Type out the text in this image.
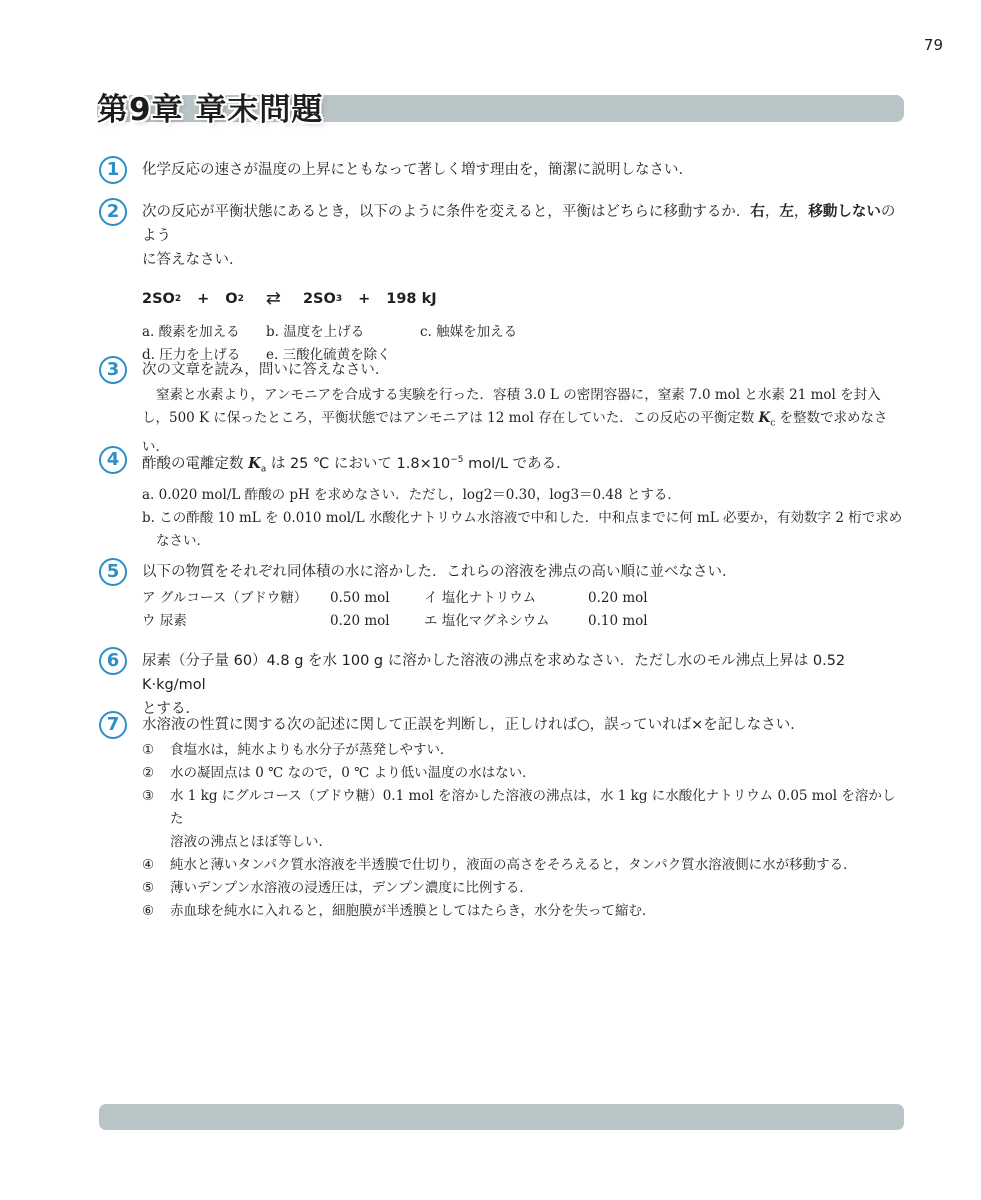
79
第9章 章末問題
1	化学反応の速さが温度の上昇にともなって著しく増す理由を，簡潔に説明しなさい．
2	次の反応が平衡状態にあるとき，以下のように条件を変えると，平衡はどちらに移動するか．右，左，移動しないのよう
に答えなさい．
2SO 2 + O 2 ⇄ 2SO 3 + 198 kJ
a. 酸素を加える	b. 温度を上げる	c. 触媒を加える
d. 圧力を上げる	e. 三酸化硫黄を除く
3	次の文章を読み，問いに答えなさい．
窒素と水素より，アンモニアを合成する実験を行った．容積 3.0 L の密閉容器に，窒素 7.0 mol と水素 21 mol を封入
し，500 K に保ったところ，平衡状態ではアンモニアは 12 mol 存在していた．この反応の平衡定数 $K_c$ を整数で求めなさい．
4	酢酸の電離定数 $K_a$ は 25 ℃ において $1.8\times 10^{-5}$ mol/L である．
a. 0.020 mol/L 酢酸の pH を求めなさい．ただし，log2＝0.30，log3＝0.48 とする．
b. この酢酸 10 mL を 0.010 mol/L 水酸化ナトリウム水溶液で中和した．中和点までに何 mL 必要か，有効数字 2 桁で求め
なさい．
5	以下の物質をそれぞれ同体積の水に溶かした．これらの溶液を沸点の高い順に並べなさい．
ア グルコース（ブドウ糖）	0.50 mol	イ 塩化ナトリウム	0.20 mol
ウ 尿素	0.20 mol	エ 塩化マグネシウム	0.10 mol
6	尿素（分子量 60）4.8 g を水 100 g に溶かした溶液の沸点を求めなさい．ただし水のモル沸点上昇は 0.52 K·kg/mol
とする．
7	水溶液の性質に関する次の記述に関して正誤を判断し，正しければ○，誤っていれば×を記しなさい．
①	食塩水は，純水よりも水分子が蒸発しやすい．
②	水の凝固点は 0 ℃ なので，0 ℃ より低い温度の水はない．
③	水 1 kg にグルコース（ブドウ糖）0.1 mol を溶かした溶液の沸点は，水 1 kg に水酸化ナトリウム 0.05 mol を溶かした
溶液の沸点とほぼ等しい．
④	純水と薄いタンパク質水溶液を半透膜で仕切り，液面の高さをそろえると，タンパク質水溶液側に水が移動する．
⑤	薄いデンプン水溶液の浸透圧は，デンプン濃度に比例する．
⑥	赤血球を純水に入れると，細胞膜が半透膜としてはたらき，水分を失って縮む．
